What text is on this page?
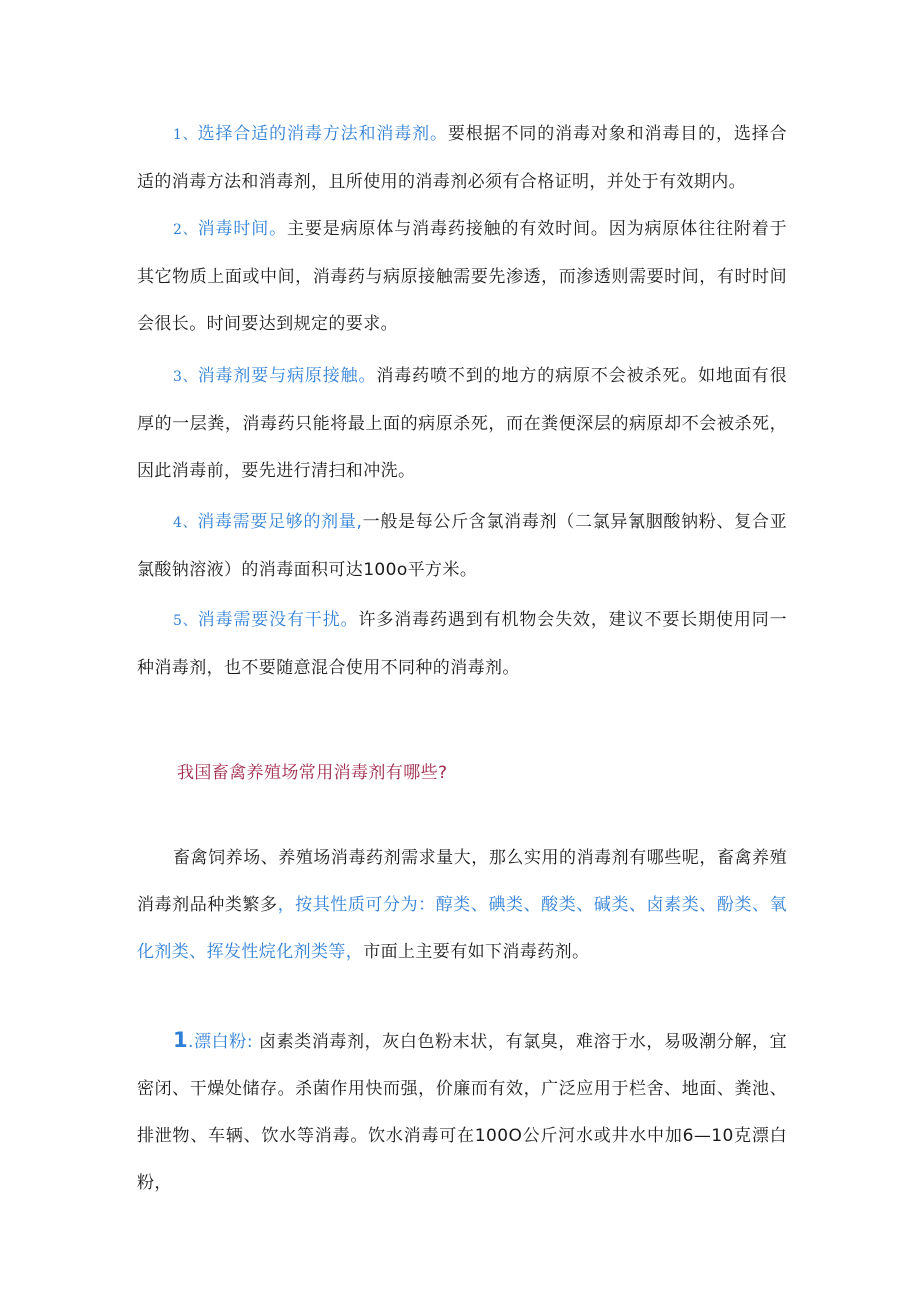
1、选择合适的消毒方法和消毒剂。要根据不同的消毒对象和消毒目的，选择合适的消毒方法和消毒剂，且所使用的消毒剂必须有合格证明，并处于有效期内。

2、消毒时间。主要是病原体与消毒药接触的有效时间。因为病原体往往附着于其它物质上面或中间，消毒药与病原接触需要先渗透，而渗透则需要时间，有时时间会很长。时间要达到规定的要求。

3、消毒剂要与病原接触。消毒药喷不到的地方的病原不会被杀死。如地面有很厚的一层粪，消毒药只能将最上面的病原杀死，而在粪便深层的病原却不会被杀死，因此消毒前，要先进行清扫和冲洗。

4、消毒需要足够的剂量,一般是每公斤含氯消毒剂（二氯异氰胭酸钠粉、复合亚氯酸钠溶液）的消毒面积可达100o平方米。

5、消毒需要没有干扰。许多消毒药遇到有机物会失效，建议不要长期使用同一种消毒剂，也不要随意混合使用不同种的消毒剂。

我国畜禽养殖场常用消毒剂有哪些?

畜禽饲养场、养殖场消毒药剂需求量大，那么实用的消毒剂有哪些呢，畜禽养殖消毒剂品种类繁多，按其性质可分为：醇类、碘类、酸类、碱类、卤素类、酚类、氧化剂类、挥发性烷化剂类等，市面上主要有如下消毒药剂。

1.漂白粉: 卤素类消毒剂，灰白色粉末状，有氯臭，难溶于水，易吸潮分解，宜密闭、干燥处储存。杀菌作用快而强，价廉而有效，广泛应用于栏舍、地面、粪池、排泄物、车辆、饮水等消毒。饮水消毒可在100O公斤河水或井水中加6—10克漂白粉，
